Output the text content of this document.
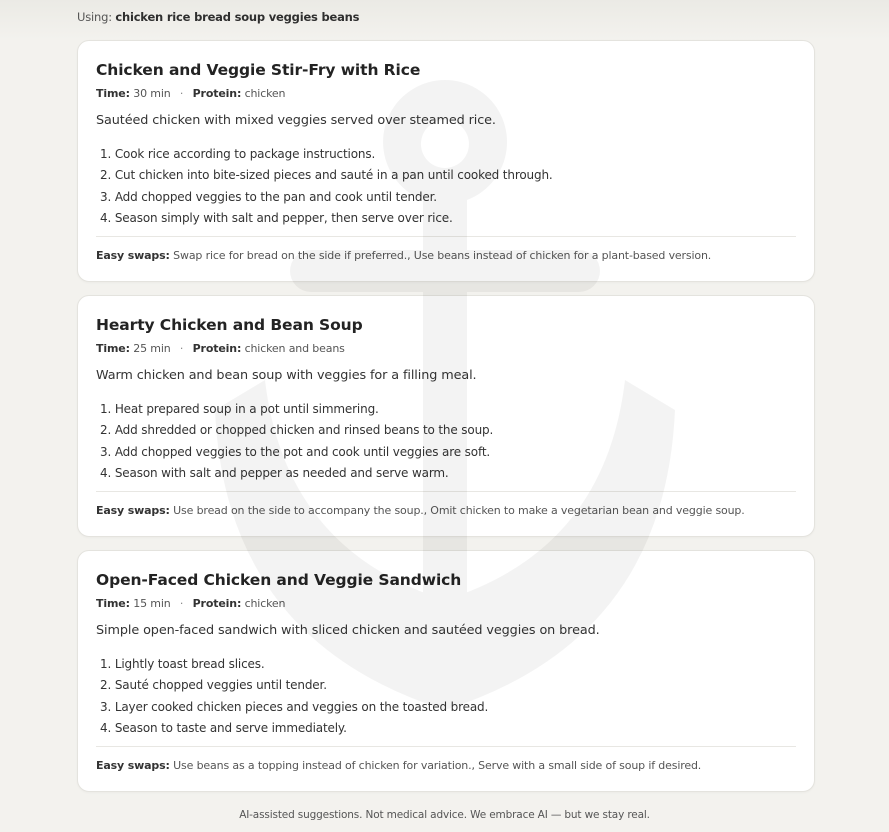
Using: chicken rice bread soup veggies beans
Chicken and Veggie Stir-Fry with Rice
Time: 30 min · Protein: chicken
Sautéed chicken with mixed veggies served over steamed rice.
1. Cook rice according to package instructions.
2. Cut chicken into bite-sized pieces and sauté in a pan until cooked through.
3. Add chopped veggies to the pan and cook until tender.
4. Season simply with salt and pepper, then serve over rice.
Easy swaps: Swap rice for bread on the side if preferred., Use beans instead of chicken for a plant-based version.
Hearty Chicken and Bean Soup
Time: 25 min · Protein: chicken and beans
Warm chicken and bean soup with veggies for a filling meal.
1. Heat prepared soup in a pot until simmering.
2. Add shredded or chopped chicken and rinsed beans to the soup.
3. Add chopped veggies to the pot and cook until veggies are soft.
4. Season with salt and pepper as needed and serve warm.
Easy swaps: Use bread on the side to accompany the soup., Omit chicken to make a vegetarian bean and veggie soup.
Open-Faced Chicken and Veggie Sandwich
Time: 15 min · Protein: chicken
Simple open-faced sandwich with sliced chicken and sautéed veggies on bread.
1. Lightly toast bread slices.
2. Sauté chopped veggies until tender.
3. Layer cooked chicken pieces and veggies on the toasted bread.
4. Season to taste and serve immediately.
Easy swaps: Use beans as a topping instead of chicken for variation., Serve with a small side of soup if desired.
AI-assisted suggestions. Not medical advice. We embrace AI — but we stay real.
